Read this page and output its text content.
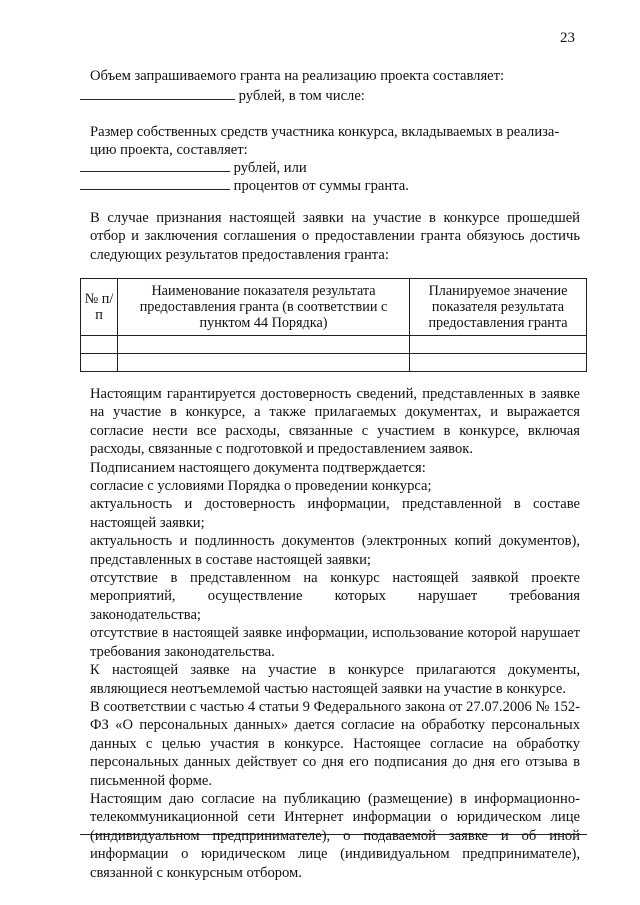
23
Объем запрашиваемого гранта на реализацию проекта составляет:
рублей, в том числе:
Размер собственных средств участника конкурса, вкладываемых в реализа-
цию проекта, составляет:
рублей, или
процентов от суммы гранта.

В случае признания настоящей заявки на участие в конкурсе прошедшей отбор и заключения соглашения о предоставлении гранта обязуюсь достичь следующих результатов предоставления гранта:

№ п/п	Наименование показателя результата предоставления гранта (в соответствии с пунктом 44 Порядка)	Планируемое значение показателя результата предоставления гранта

Настоящим гарантируется достоверность сведений, представленных в заявке на участие в конкурсе, а также прилагаемых документах, и выражается согласие нести все расходы, связанные с участием в конкурсе, включая расходы, связанные с подготовкой и предоставлением заявок.

Подписанием настоящего документа подтверждается:

согласие с условиями Порядка о проведении конкурса;

актуальность и достоверность информации, представленной в составе настоящей заявки;

актуальность и подлинность документов (электронных копий документов), представленных в составе настоящей заявки;

отсутствие в представленном на конкурс настоящей заявкой проекте мероприятий, осуществление которых нарушает требования законодательства;

отсутствие в настоящей заявке информации, использование которой нарушает требования законодательства.

К настоящей заявке на участие в конкурсе прилагаются документы, являющиеся неотъемлемой частью настоящей заявки на участие в конкурсе.

В соответствии с частью 4 статьи 9 Федерального закона от 27.07.2006 № 152-ФЗ «О персональных данных» дается согласие на обработку персональных данных с целью участия в конкурсе. Настоящее согласие на обработку персональных данных действует со дня его подписания до дня его отзыва в письменной форме.

Настоящим даю согласие на публикацию (размещение) в информационно-телекоммуникационной сети Интернет информации о юридическом лице (индивидуальном предпринимателе), о подаваемой заявке и об иной информации о юридическом лице (индивидуальном предпринимателе), связанной с конкурсным отбором.
